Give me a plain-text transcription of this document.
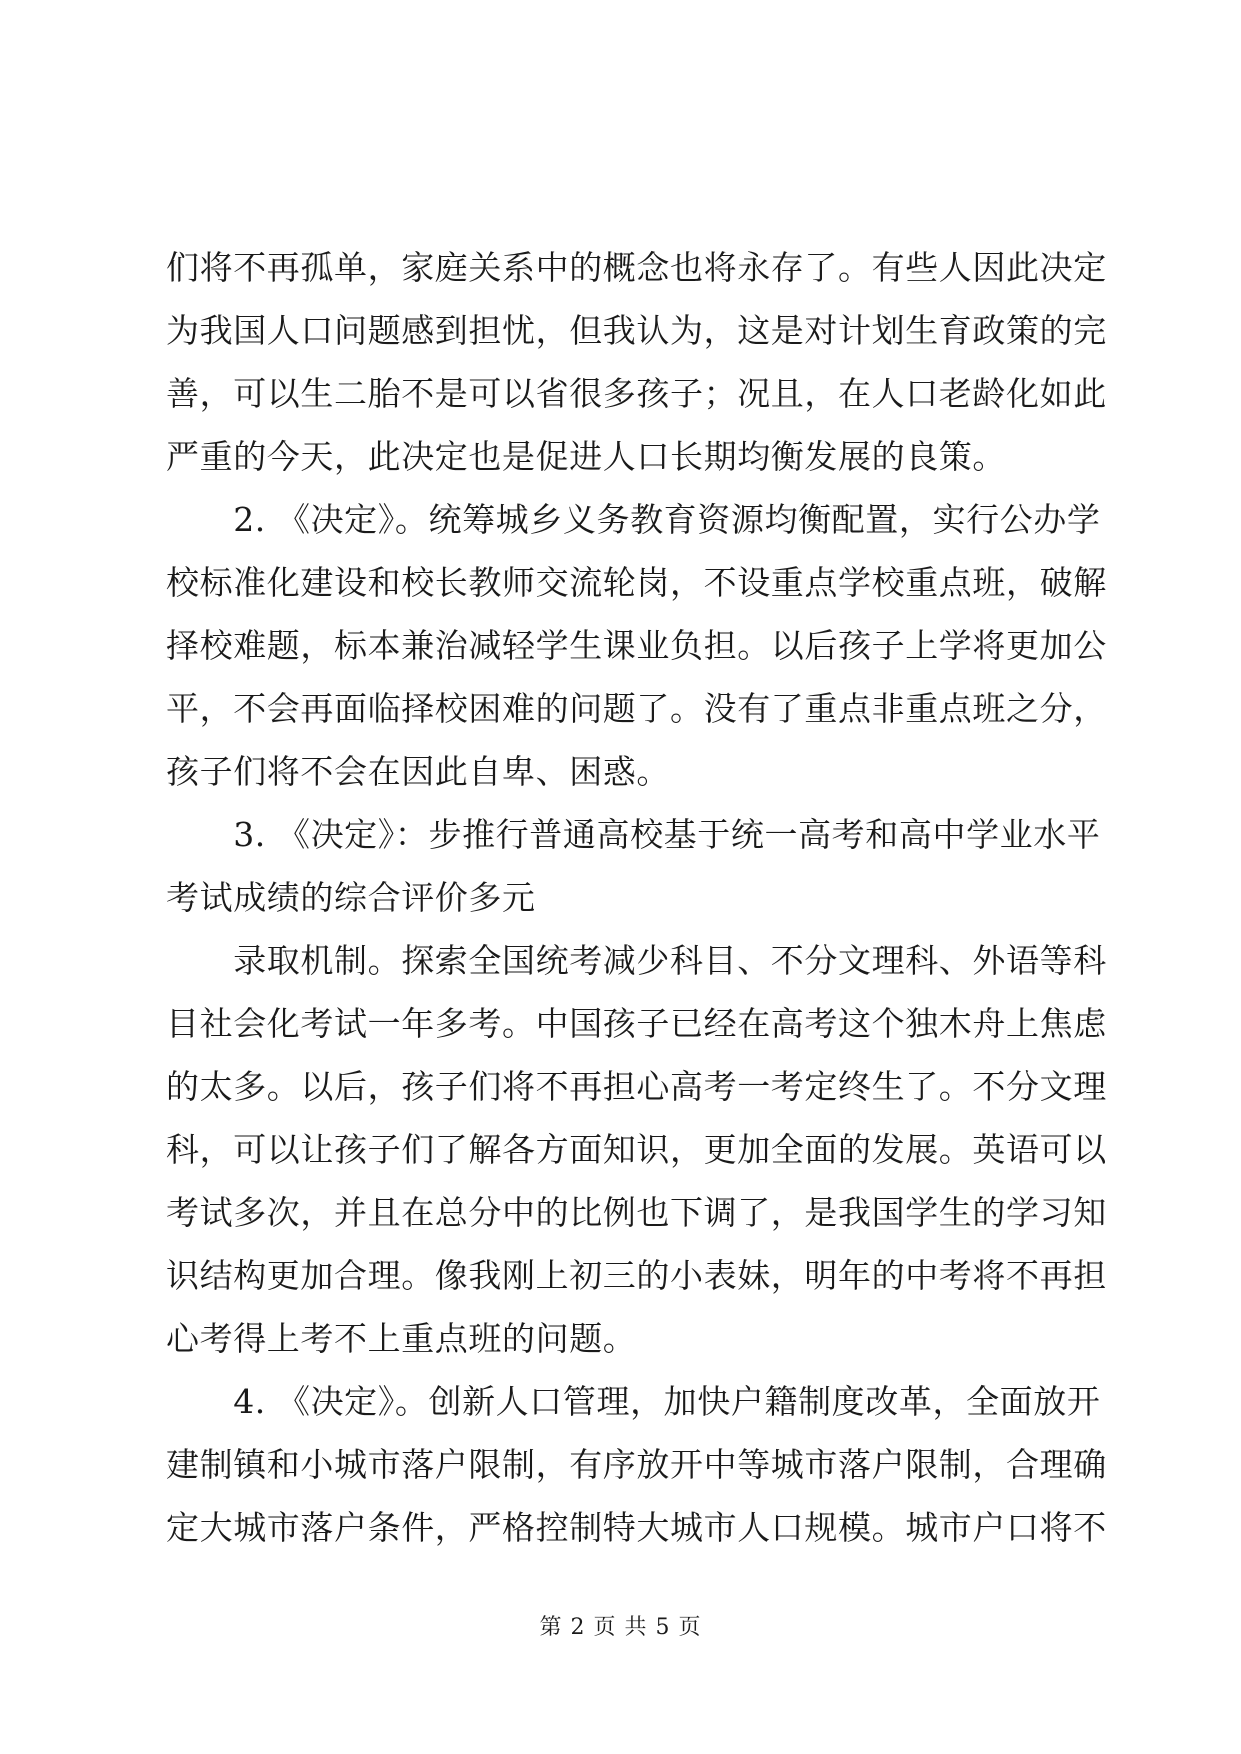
们将不再孤单，家庭关系中的概念也将永存了。有些人因此决定
为我国人口问题感到担忧，但我认为，这是对计划生育政策的完
善，可以生二胎不是可以省很多孩子；况且，在人口老龄化如此
严重的今天，此决定也是促进人口长期均衡发展的良策。
　　2. 《决定》。统筹城乡义务教育资源均衡配置，实行公办学
校标准化建设和校长教师交流轮岗，不设重点学校重点班，破解
择校难题，标本兼治减轻学生课业负担。以后孩子上学将更加公
平，不会再面临择校困难的问题了。没有了重点非重点班之分，
孩子们将不会在因此自卑、困惑。
　　3. 《决定》：步推行普通高校基于统一高考和高中学业水平
考试成绩的综合评价多元
　　录取机制。探索全国统考减少科目、不分文理科、外语等科
目社会化考试一年多考。中国孩子已经在高考这个独木舟上焦虑
的太多。以后，孩子们将不再担心高考一考定终生了。不分文理
科，可以让孩子们了解各方面知识，更加全面的发展。英语可以
考试多次，并且在总分中的比例也下调了，是我国学生的学习知
识结构更加合理。像我刚上初三的小表妹，明年的中考将不再担
心考得上考不上重点班的问题。
　　4. 《决定》。创新人口管理，加快户籍制度改革，全面放开
建制镇和小城市落户限制，有序放开中等城市落户限制，合理确
定大城市落户条件，严格控制特大城市人口规模。城市户口将不
第 2 页 共 5 页
